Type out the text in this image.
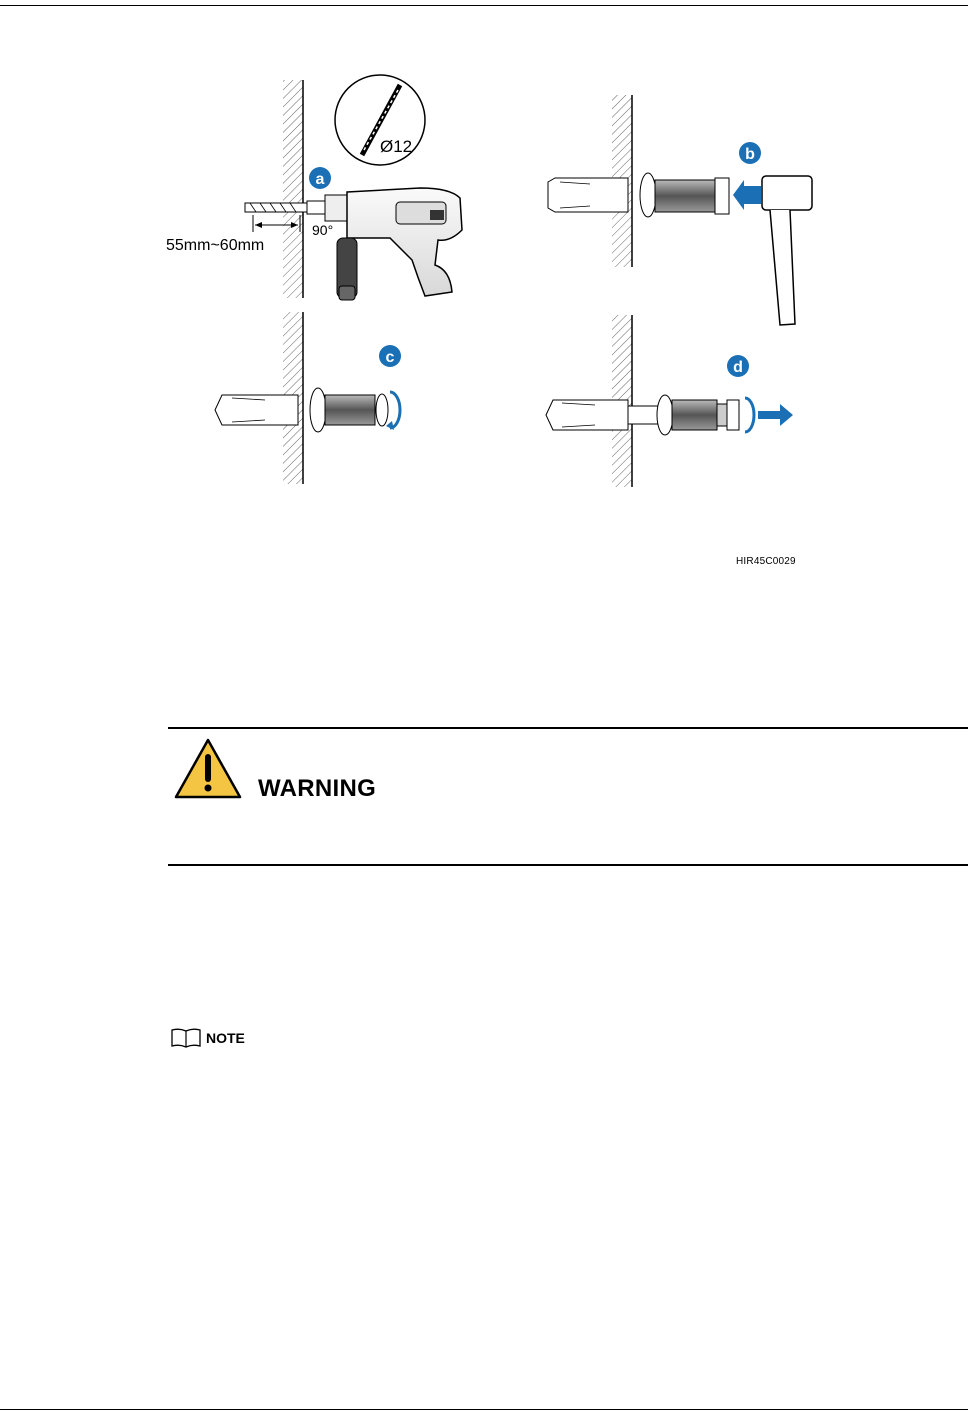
55mm~60mm
90°
a
Ø12	b
c
d
HIR45C0029
WARNING
NOTE
